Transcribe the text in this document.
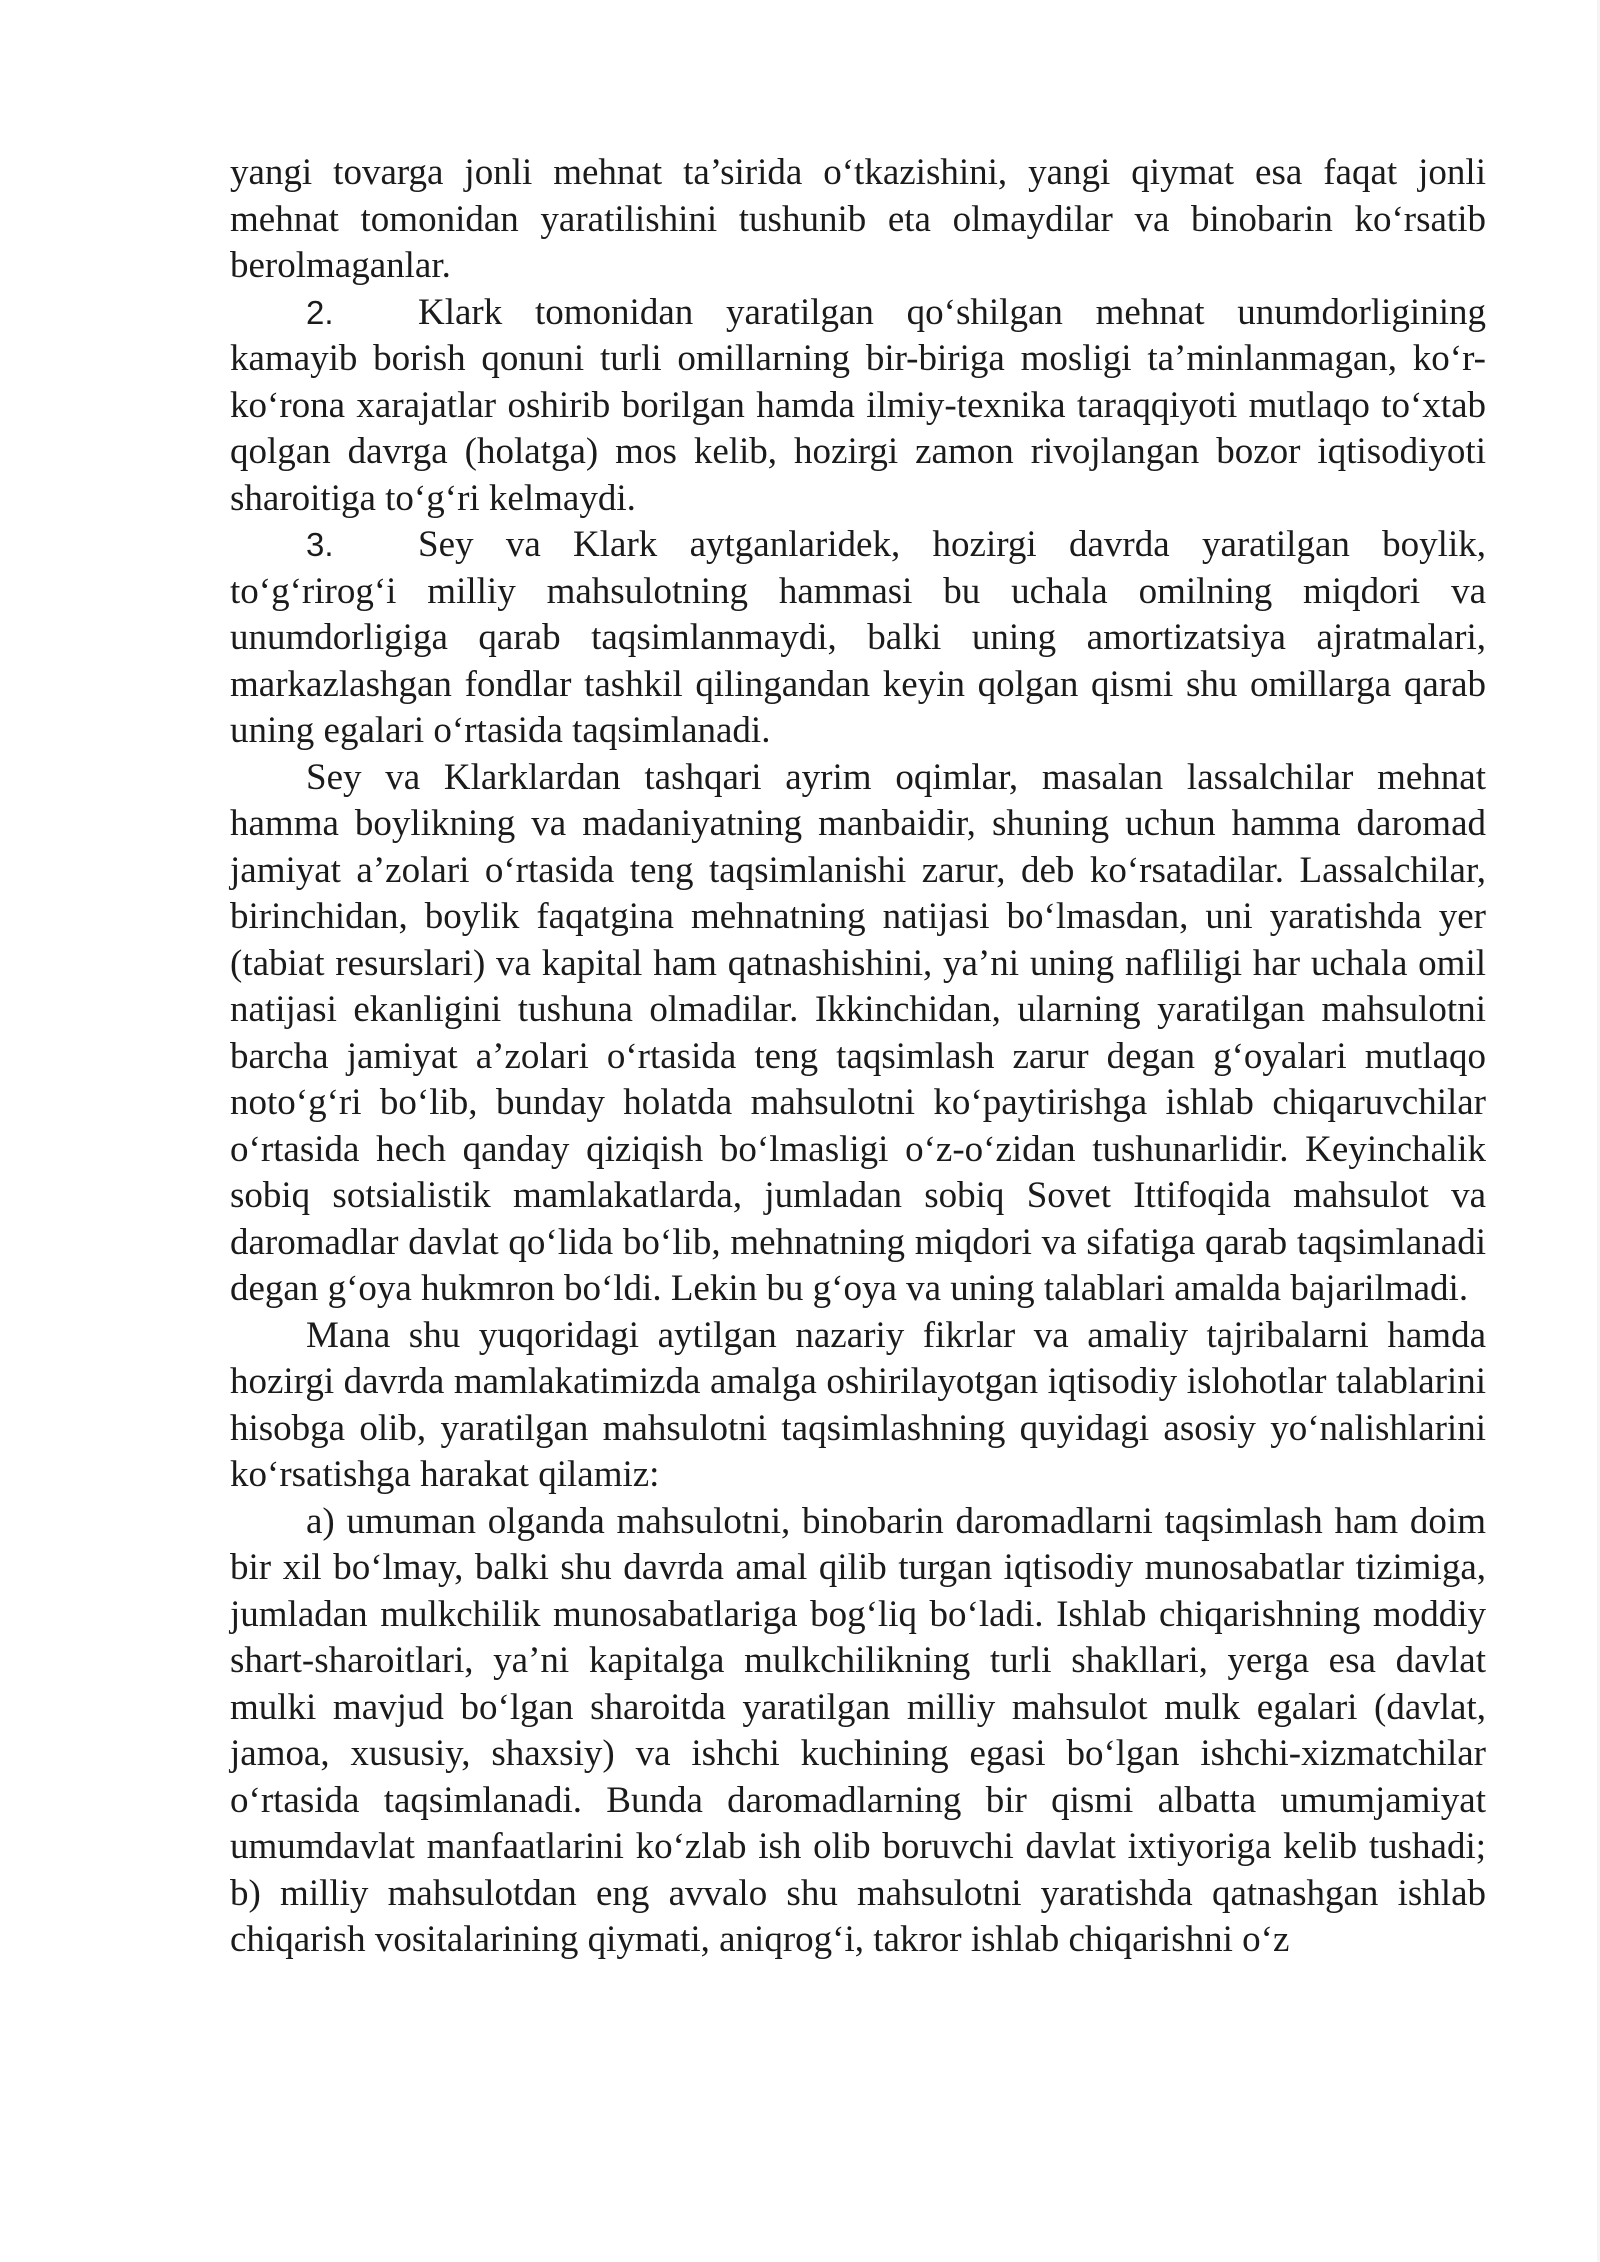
yangi tovarga jonli mehnat ta’sirida o‘tkazishini, yangi qiymat esa faqat jonli mehnat tomonidan yaratilishini tushunib eta olmaydilar va binobarin ko‘rsatib berolmaganlar.

2. Klark tomonidan yaratilgan qo‘shilgan mehnat unumdorligining kamayib borish qonuni turli omillarning bir-biriga mosligi ta’minlanmagan, ko‘r-ko‘rona xarajatlar oshirib borilgan hamda ilmiy-texnika taraqqiyoti mutlaqo to‘xtab qolgan davrga (holatga) mos kelib, hozirgi zamon rivojlangan bozor iqtisodiyoti sharoitiga to‘g‘ri kelmaydi.

3. Sey va Klark aytganlaridek, hozirgi davrda yaratilgan boylik, to‘g‘rirog‘i milliy mahsulotning hammasi bu uchala omilning miqdori va unumdorligiga qarab taqsimlanmaydi, balki uning amortizatsiya ajratmalari, markazlashgan fondlar tashkil qilingandan keyin qolgan qismi shu omillarga qarab uning egalari o‘rtasida taqsimlanadi.

Sey va Klarklardan tashqari ayrim oqimlar, masalan lassalchilar mehnat hamma boylikning va madaniyatning manbaidir, shuning uchun hamma daromad jamiyat a’zolari o‘rtasida teng taqsimlanishi zarur, deb ko‘rsatadilar. Lassalchilar, birinchidan, boylik faqatgina mehnatning natijasi bo‘lmasdan, uni yaratishda yer (tabiat resurslari) va kapital ham qatnashishini, ya’ni uning nafliligi har uchala omil natijasi ekanligini tushuna olmadilar. Ikkinchidan, ularning yaratilgan mahsulotni barcha jamiyat a’zolari o‘rtasida teng taqsimlash zarur degan g‘oyalari mutlaqo noto‘g‘ri bo‘lib, bunday holatda mahsulotni ko‘paytirishga ishlab chiqaruvchilar o‘rtasida hech qanday qiziqish bo‘lmasligi o‘z-o‘zidan tushunarlidir. Keyinchalik sobiq sotsialistik mamlakatlarda, jumladan sobiq Sovet Ittifoqida mahsulot va daromadlar davlat qo‘lida bo‘lib, mehnatning miqdori va sifatiga qarab taqsimlanadi degan g‘oya hukmron bo‘ldi. Lekin bu g‘oya va uning talablari amalda bajarilmadi.

Mana shu yuqoridagi aytilgan nazariy fikrlar va amaliy tajribalarni hamda hozirgi davrda mamlakatimizda amalga oshirilayotgan iqtisodiy islohotlar talablarini hisobga olib, yaratilgan mahsulotni taqsimlashning quyidagi asosiy yo‘nalishlarini ko‘rsatishga harakat qilamiz:

a) umuman olganda mahsulotni, binobarin daromadlarni taqsimlash ham doim bir xil bo‘lmay, balki shu davrda amal qilib turgan iqtisodiy munosabatlar tizimiga, jumladan mulkchilik munosabatlariga bog‘liq bo‘ladi. Ishlab chiqarishning moddiy shart-sharoitlari, ya’ni kapitalga mulkchilikning turli shakllari, yerga esa davlat mulki mavjud bo‘lgan sharoitda yaratilgan milliy mahsulot mulk egalari (davlat, jamoa, xususiy, shaxsiy) va ishchi kuchining egasi bo‘lgan ishchi-xizmatchilar o‘rtasida taqsimlanadi. Bunda daromadlarning bir qismi albatta umumjamiyat umumdavlat manfaatlarini ko‘zlab ish olib boruvchi davlat ixtiyoriga kelib tushadi; b) milliy mahsulotdan eng avvalo shu mahsulotni yaratishda qatnashgan ishlab chiqarish vositalarining qiymati, aniqrog‘i, takror ishlab chiqarishni o‘z
